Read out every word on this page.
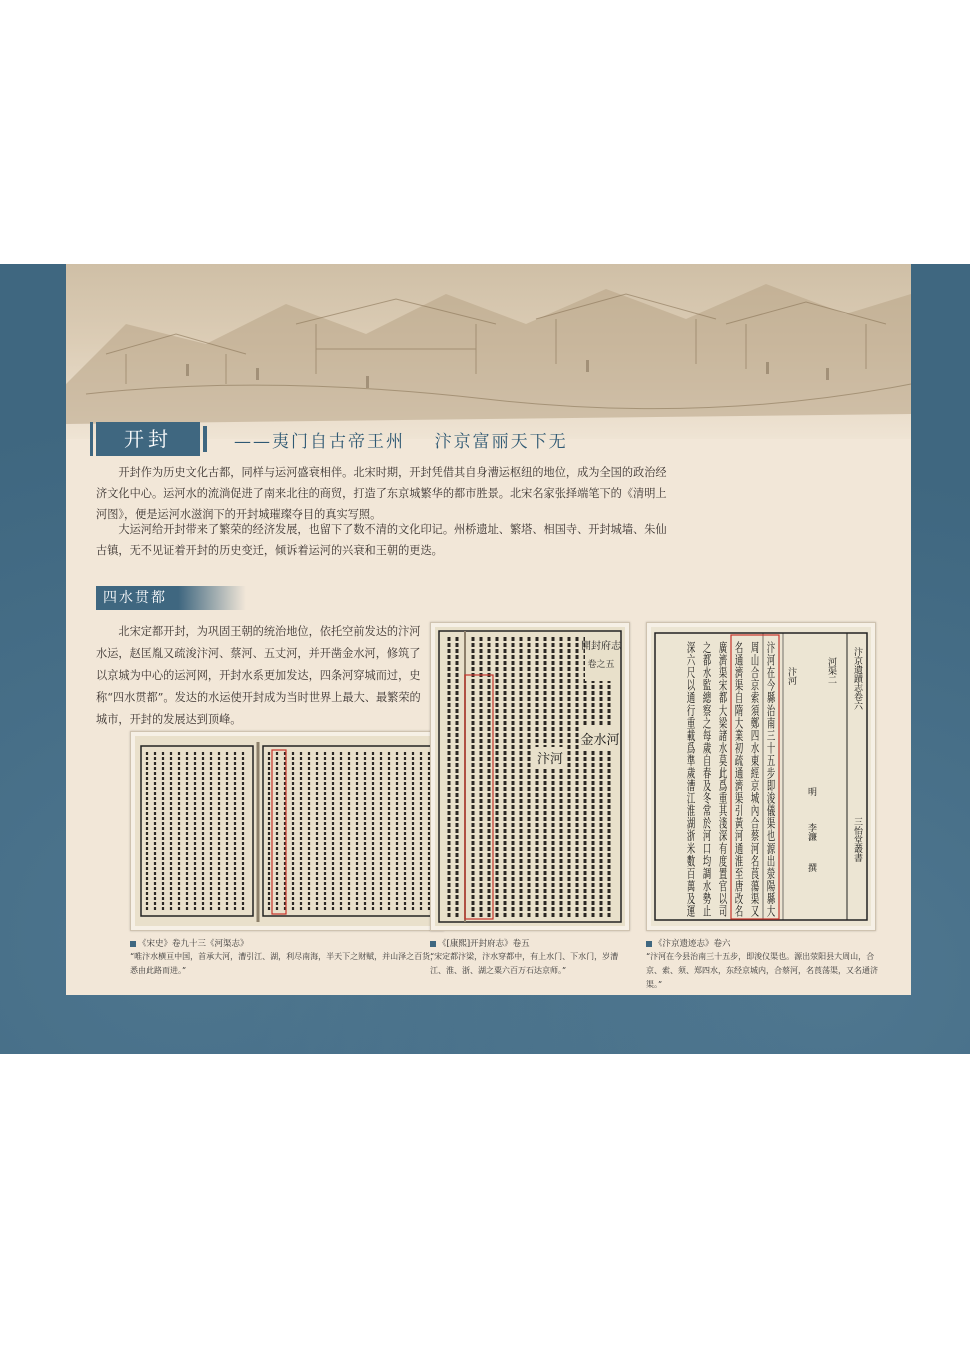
开封	——夷门自古帝王州    汴京富丽天下无

开封作为历史文化古都，同样与运河盛衰相伴。北宋时期，开封凭借其自身漕运枢纽的地位，成为全国的政治经济文化中心。运河水的流淌促进了南来北往的商贸，打造了东京城繁华的都市胜景。北宋名家张择端笔下的《清明上河图》，便是运河水滋润下的开封城璀璨夺目的真实写照。

大运河给开封带来了繁荣的经济发展，也留下了数不清的文化印记。州桥遗址、繁塔、相国寺、开封城墙、朱仙古镇，无不见证着开封的历史变迁，倾诉着运河的兴衰和王朝的更迭。

四水贯都

北宋定都开封，为巩固王朝的统治地位，依托空前发达的汴河水运，赵匡胤又疏浚汴河、蔡河、五丈河，并开凿金水河，修筑了以京城为中心的运河网，开封水系更加发达，四条河穿城而过，史称“四水贯都”。发达的水运使开封成为当时世界上最大、最繁荣的城市，开封的发展达到顶峰。

《宋史》卷九十三《河渠志》
“唯汴水横亘中国，首承大河，漕引江、湖，利尽南海，半天下之财赋，并山泽之百货，悉由此路而进。”
開封府志
卷之五
金水河
汴河
《[康熙]开封府志》卷五
“宋定都汴梁，汴水穿都中，有上水门、下水门，岁漕江、淮、浙、湖之粟六百万石达京师。”
汴京遺蹟志卷六
三怡堂叢書
河渠二
明
李濂
撰
汴河
汴河在今縣治南三十五步即浚儀渠也源出滎陽縣大
周山合京索須鄭四水東經京城內合蔡河名莨蕩渠又
名通濟渠自隋大業初疏通濟渠引黃河通淮至唐改名
廣濟渠宋都大梁諸水莫此爲重其淺深有度置官以司
之都水監總察之每歲自春及冬常於河口均調水勢止
深六尺以通行重載爲準歲漕江淮湖浙米數百萬及運
《汴京遗迹志》卷六
“汴河在今县治南三十五步，即浚仪渠也。源出荥阳县大周山，合京、索、须、郑四水，东经京城内，合蔡河，名莨荡渠，又名通济渠。”
